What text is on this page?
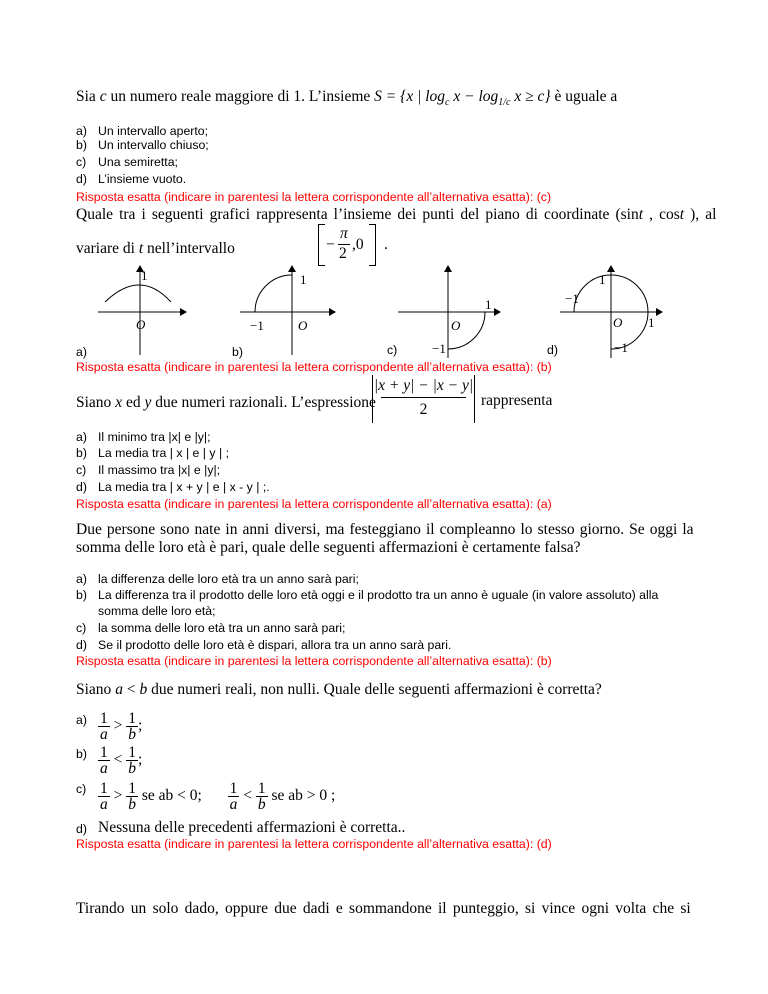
Sia c un numero reale maggiore di 1. L’insieme S = {x | $\log_c x - \log_{1/c} x \ge c$} è uguale a
a) Un intervallo aperto;
b) Un intervallo chiuso;
c) Una semiretta;
d) L’insieme vuoto.
Risposta esatta (indicare in parentesi la lettera corrispondente all’alternativa esatta): (c)
Quale tra i seguenti grafici rappresenta l’insieme dei punti del piano di coordinate (sint , cost ), al
variare di t nell’intervallo	−
π
2
,0 .
1
O
1
−1	O
1
O
−1
1
−1
O 1
−1
a)	b)	c)	d)
Risposta esatta (indicare in parentesi la lettera corrispondente all’alternativa esatta): (b)
Siano x ed y due numeri razionali. L’espressione
|x + y| − |x − y|
2
rappresenta
a) Il minimo tra |x| e |y|;
b) La media tra | x | e | y | ;
c) Il massimo tra |x| e |y|;
d) La media tra | x + y | e | x - y | ;.
Risposta esatta (indicare in parentesi la lettera corrispondente all’alternativa esatta): (a)
Due persone sono nate in anni diversi, ma festeggiano il compleanno lo stesso giorno. Se oggi la
somma delle loro età è pari, quale delle seguenti affermazioni è certamente falsa?
a) la differenza delle loro età tra un anno sarà pari;
b) La differenza tra il prodotto delle loro età oggi e il prodotto tra un anno è uguale (in valore assoluto) alla
somma delle loro età;
c) la somma delle loro età tra un anno sarà pari;
d) Se il prodotto delle loro età è dispari, allora tra un anno sarà pari.
Risposta esatta (indicare in parentesi la lettera corrispondente all’alternativa esatta): (b)
Siano a < b due numeri reali, non nulli. Quale delle seguenti affermazioni è corretta?
a)
b)
c)
d)
$\frac{1}{a} > \frac{1}{b}$ ;
$\frac{1}{a} < \frac{1}{b}$ ;
$\frac{1}{a} > \frac{1}{b}$ se ab < 0; $\frac{1}{a} < \frac{1}{b}$ se ab > 0 ;
Nessuna delle precedenti affermazioni è corretta..
Risposta esatta (indicare in parentesi la lettera corrispondente all’alternativa esatta): (d)
Tirando un solo dado, oppure due dadi e sommandone il punteggio, si vince ogni volta che si
